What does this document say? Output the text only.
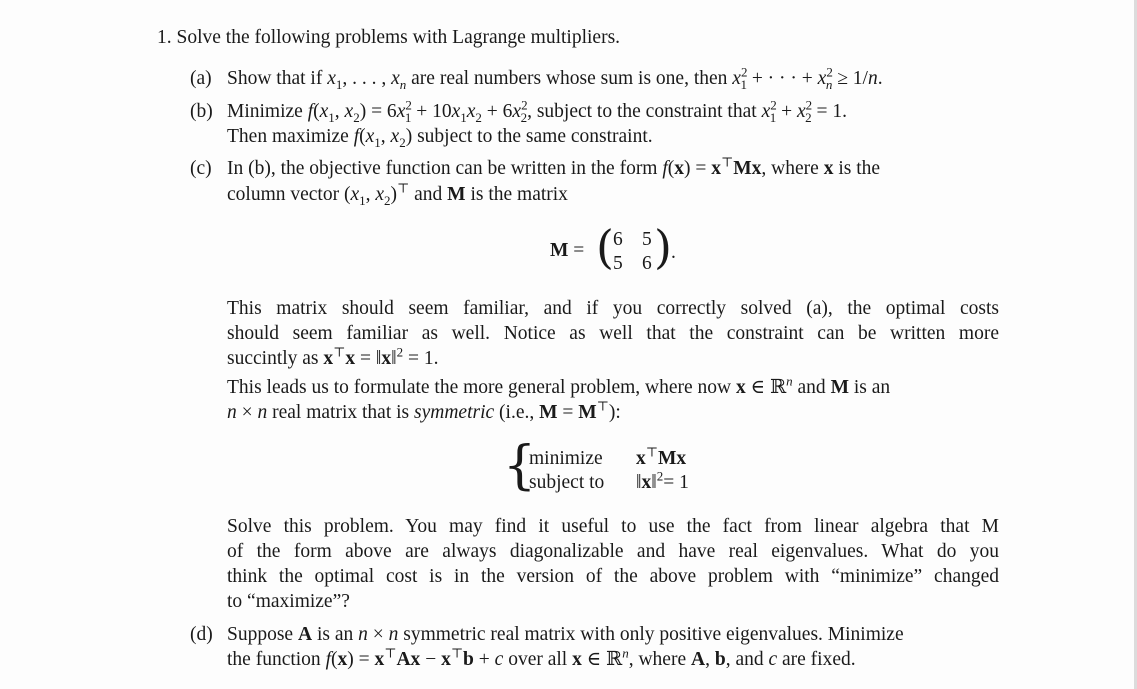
1. Solve the following problems with Lagrange multipliers.
(a) Show that if $x_1$, . . . , $x_n$ are real numbers whose sum is one, then $x^2_1$ + · · · + $x^2_n \ge 1/n$.
(b) Minimize $f(x_1$, $x_2) = 6x^2_1 + 10x_1x_2 + 6x^2_2$, subject to the constraint that $x^2_1 + x^2_2 = 1$.
Then maximize $f(x_1$, $x_2$) subject to the same constraint.
(c) In (b), the objective function can be written in the form f(x) = x⊤Mx, where x is the
column vector ($x_1$, $x_2)^⊤$ and M is the matrix
M = ( 6 5
5 6 ) .
This matrix should seem familiar, and if you correctly solved (a), the optimal costs
should seem familiar as well. Notice as well that the constraint can be written more
succintly as x⊤x = ‖x‖$^2$ = 1.
This leads us to formulate the more general problem, where now x ∈ ℝ$^n$ and M is an
n × n real matrix that is symmetric (i.e., M = M⊤):
{
minimize x⊤Mx
subject to ‖x‖$^2$= 1
Solve this problem. You may find it useful to use the fact from linear algebra that M
of the form above are always diagonalizable and have real eigenvalues. What do you
think the optimal cost is in the version of the above problem with “minimize” changed
to “maximize”?
(d) Suppose A is an n × n symmetric real matrix with only positive eigenvalues. Minimize
the function f(x) = x⊤Ax − x⊤b + c over all x ∈ ℝ$^n$, where A, b, and c are fixed.
